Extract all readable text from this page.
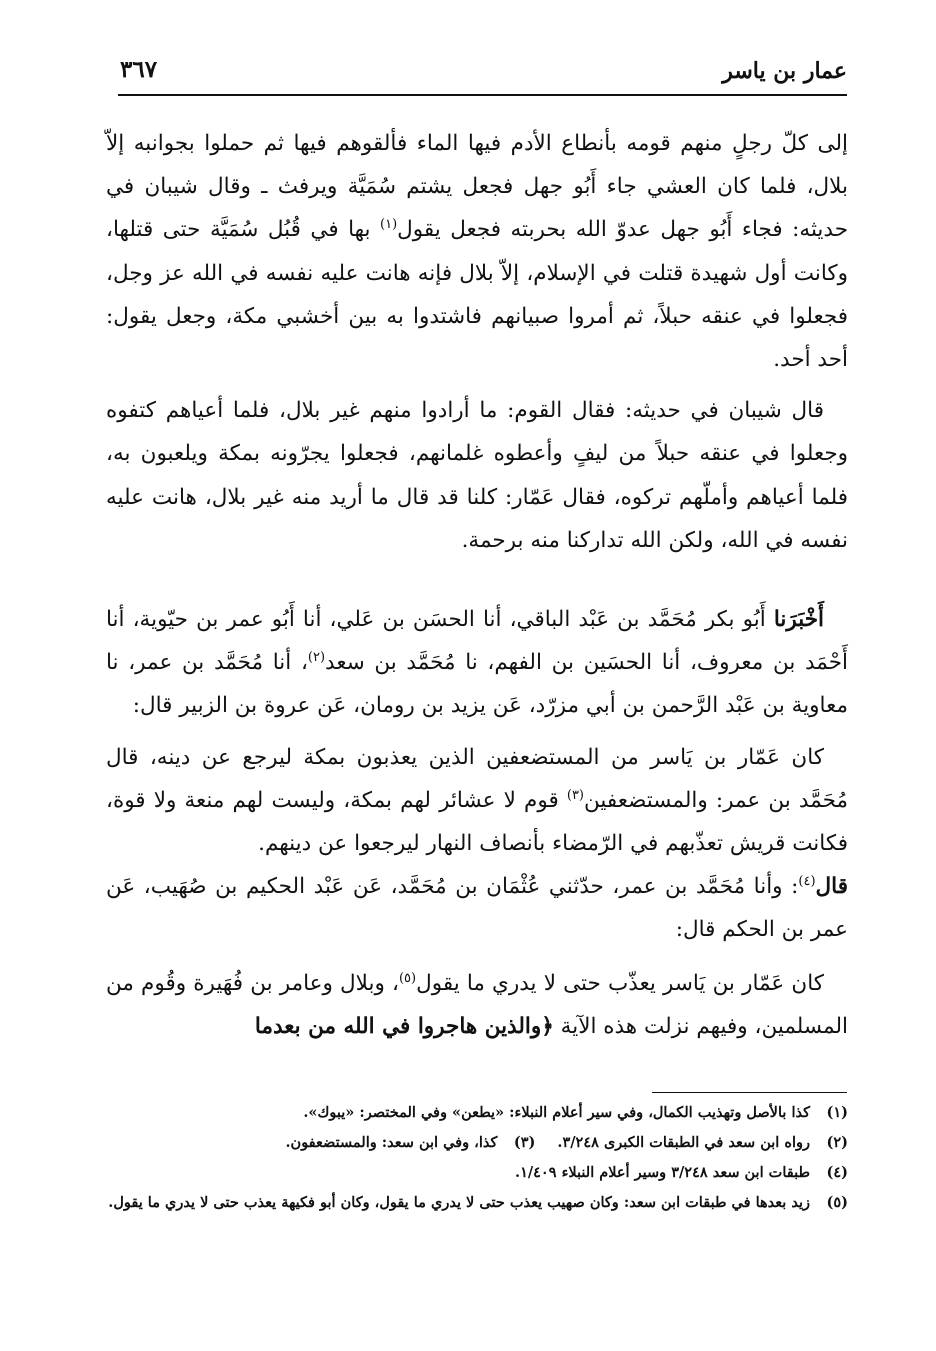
عمار بن ياسر
٣٦٧

إلى كلّ رجلٍ منهم قومه بأنطاع الأدم فيها الماء فألقوهم فيها ثم حملوا بجوانبه إلاّ بلال، فلما كان العشي جاء أَبُو جهل فجعل يشتم سُمَيَّة ويرفث ـ وقال شيبان في حديثه: فجاء أَبُو جهل عدوّ الله بحربته فجعل يقول$^{(١)}$ بها في قُبُل سُمَيَّة حتى قتلها، وكانت أول شهيدة قتلت في الإسلام، إلاّ بلال فإنه هانت عليه نفسه في الله عز وجل، فجعلوا في عنقه حبلاً، ثم أمروا صبيانهم فاشتدوا به بين أخشبي مكة، وجعل يقول: أحد أحد.

قال شيبان في حديثه: فقال القوم: ما أرادوا منهم غير بلال، فلما أعياهم كتفوه وجعلوا في عنقه حبلاً من ليفٍ وأعطوه غلمانهم، فجعلوا يجرّونه بمكة ويلعبون به، فلما أعياهم وأملّهم تركوه، فقال عَمّار: كلنا قد قال ما أريد منه غير بلال، هانت عليه نفسه في الله، ولكن الله تداركنا منه برحمة.

أَخْبَرَنا أَبُو بكر مُحَمَّد بن عَبْد الباقي، أنا الحسَن بن عَلي، أنا أَبُو عمر بن حيّوية، أنا أَحْمَد بن معروف، أنا الحسَين بن الفهم، نا مُحَمَّد بن سعد$^{(٢)}$، أنا مُحَمَّد بن عمر، نا معاوية بن عَبْد الرَّحمن بن أبي مزرّد، عَن يزيد بن رومان، عَن عروة بن الزبير قال:

كان عَمّار بن يَاسر من المستضعفين الذين يعذبون بمكة ليرجع عن دينه، قال مُحَمَّد بن عمر: والمستضعفين$^{(٣)}$ قوم لا عشائر لهم بمكة، وليست لهم منعة ولا قوة، فكانت قريش تعذّبهم في الرّمضاء بأنصاف النهار ليرجعوا عن دينهم.

قال$^{(٤)}$: وأنا مُحَمَّد بن عمر، حدّثني عُثْمَان بن مُحَمَّد، عَن عَبْد الحكيم بن صُهَيب، عَن عمر بن الحكم قال:

كان عَمّار بن يَاسر يعذّب حتى لا يدري ما يقول$^{(٥)}$، وبلال وعامر بن فُهَيرة وقُوم من المسلمين، وفيهم نزلت هذه الآية ﴿والذين هاجروا في الله من بعدما

(١)
كذا بالأصل وتهذيب الكمال، وفي سير أعلام النبلاء: «يطعن» وفي المختصر: «يبوك».
(٢)
رواه ابن سعد في الطبقات الكبرى ٣/٢٤٨.
(٣)
كذا، وفي ابن سعد: والمستضعفون.
(٤)
طبقات ابن سعد ٣/٢٤٨ وسير أعلام النبلاء ١/٤٠٩.
(٥)
زيد بعدها في طبقات ابن سعد: وكان صهيب يعذب حتى لا يدري ما يقول، وكان أبو فكيهة يعذب حتى لا يدري ما يقول.
